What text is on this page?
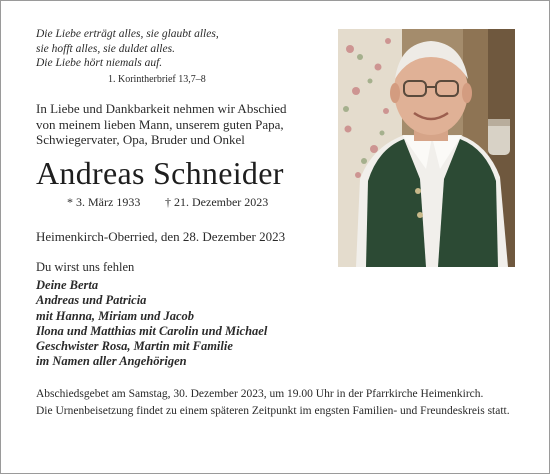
Die Liebe erträgt alles, sie glaubt alles,
sie hofft alles, sie duldet alles.
Die Liebe hört niemals auf.
1. Korintherbrief 13,7–8
In Liebe und Dankbarkeit nehmen wir Abschied
von meinem lieben Mann, unserem guten Papa,
Schwiegervater, Opa, Bruder und Onkel
Andreas Schneider
* 3. März 1933 † 21. Dezember 2023
Heimenkirch-Oberried, den 28. Dezember 2023
Du wirst uns fehlen
Deine Berta
Andreas und Patricia
mit Hanna, Miriam und Jacob
Ilona und Matthias mit Carolin und Michael
Geschwister Rosa, Martin mit Familie
im Namen aller Angehörigen

Abschiedsgebet am Samstag, 30. Dezember 2023, um 19.00 Uhr in der Pfarrkirche Heimenkirch.

Die Urnenbeisetzung findet zu einem späteren Zeitpunkt im engsten Familien- und Freundeskreis statt.
